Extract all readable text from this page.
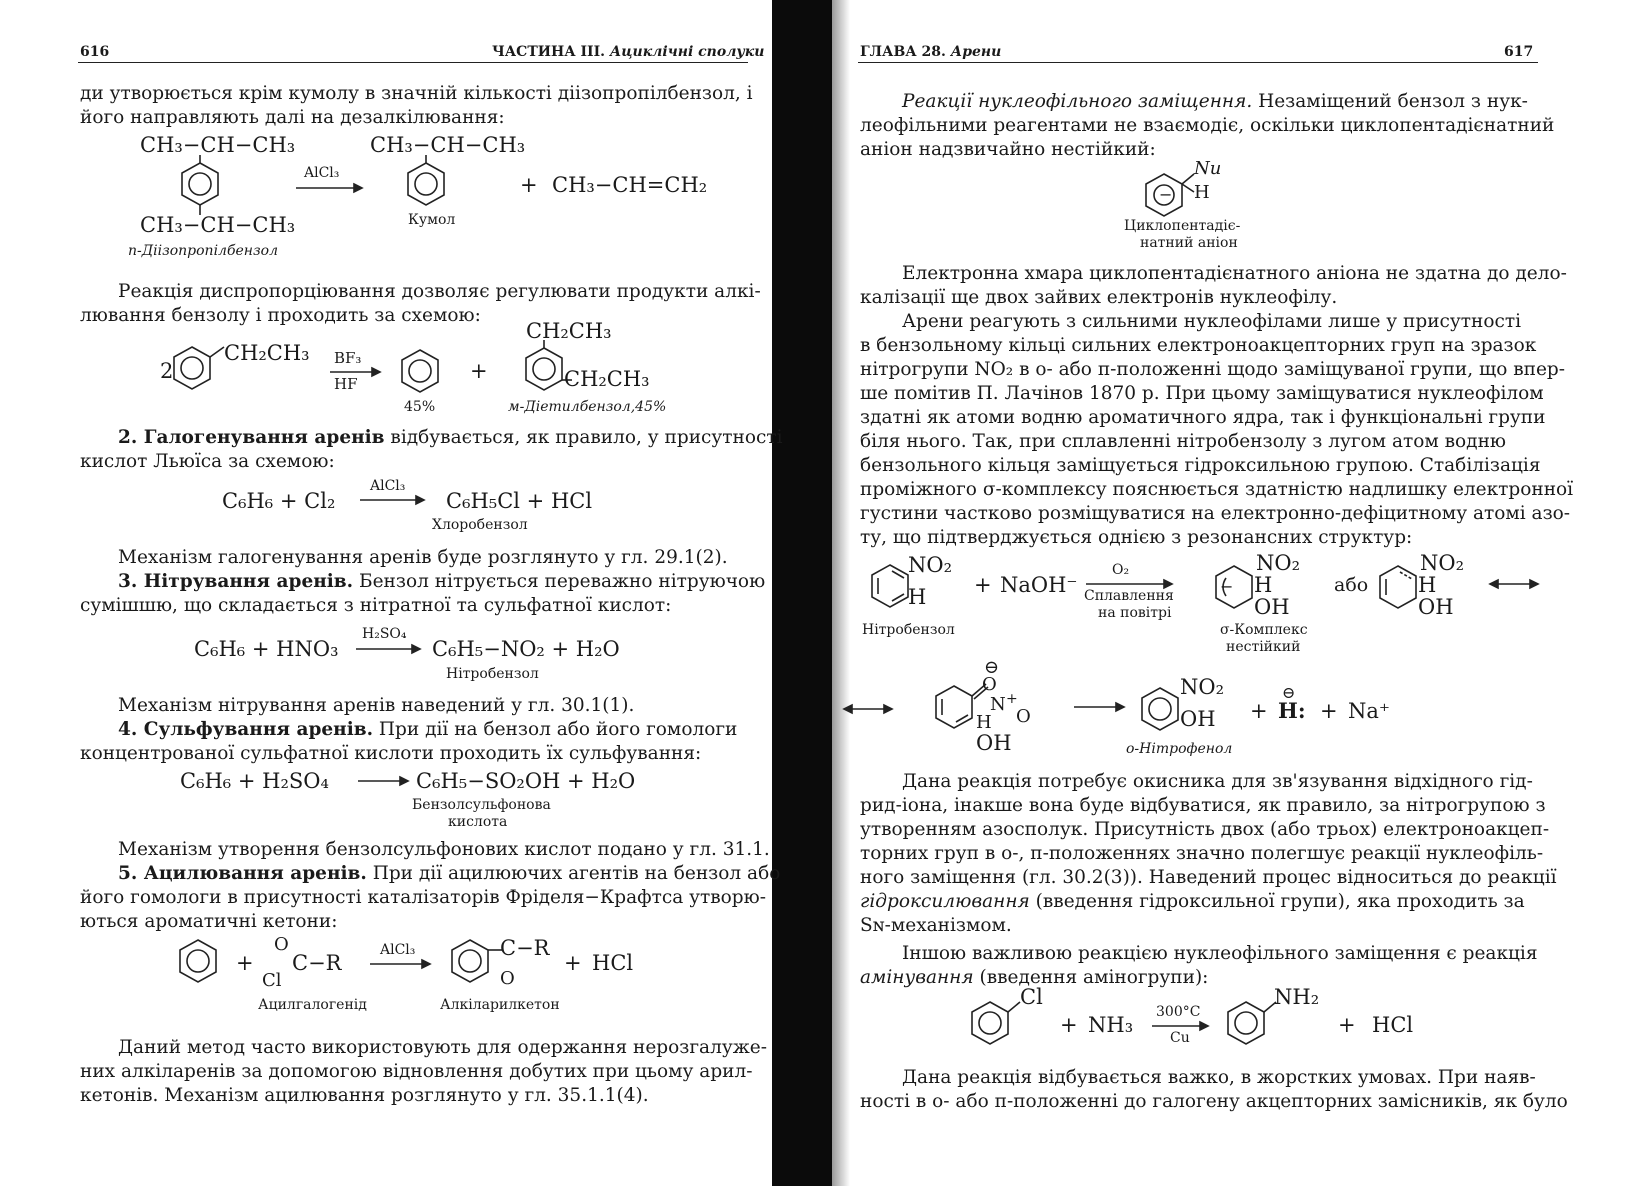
616	ЧАСТИНА III. Ациклічні сполуки
ди утворюється крім кумолу в значній кількості діізопропілбензол, і
його направляють далі на дезалкілювання:
CH₃−CH−CH₃
CH₃−CH−CH₃
п-Діізопропілбензол
AlCl₃
CH₃−CH−CH₃
Кумол
+ CH₃−CH=CH₂
Реакція диспропорціювання дозволяє регулювати продукти алкі-
лювання бензолу і проходить за схемою:
2
CH₂CH₃ BF₃
HF
45%
+
CH₂CH₃
CH₂CH₃
м-Діетилбензол,45%
2. Галогенування аренів відбувається, як правило, у присутності
кислот Льюїса за схемою:
C₆H₆ + Cl₂
AlCl₃
C₆H₅Cl + HCl
Хлоробензол
Механізм галогенування аренів буде розглянуто у гл. 29.1(2).
3. Нітрування аренів. Бензол нітрується переважно нітруючою
сумішшю, що складається з нітратної та сульфатної кислот:
C₆H₆ + HNO₃
H₂SO₄
C₆H₅−NO₂ + H₂O
Нітробензол
Механізм нітрування аренів наведений у гл. 30.1(1).
4. Сульфування аренів. При дії на бензол або його гомологи
концентрованої сульфатної кислоти проходить їх сульфування:
C₆H₆ + H₂SO₄	C₆H₅−SO₂OH + H₂O
Бензолсульфонова
кислота
Механізм утворення бензолсульфонових кислот подано у гл. 31.1.
5. Ацилювання аренів. При дії ацилюючих агентів на бензол або
його гомологи в присутності каталізаторів Фріделя−Крафтса утворю-
ються ароматичні кетони:
+
O
C−R
Cl
AlCl₃	C−R
O
+ HCl
Ацилгалогенід	Алкіларилкетон
Даний метод часто використовують для одержання нерозгалуже-
них алкіларенів за допомогою відновлення добутих при цьому арил-
кетонів. Механізм ацилювання розглянуто у гл. 35.1.1(4).
ГЛАВА 28. Арени	617
Реакції нуклеофільного заміщення. Незаміщений бензол з нук-
леофільними реагентами не взаємодіє, оскільки циклопентадієнатний
аніон надзвичайно нестійкий:
−
Nu
H
Циклопентадіє-
натний аніон
Електронна хмара циклопентадієнатного аніона не здатна до дело-
калізації ще двох зайвих електронів нуклеофілу.
Арени реагують з сильними нуклеофілами лише у присутності
в бензольному кільці сильних електроноакцепторних груп на зразок
нітрогрупи NO₂ в о- або п-положенні щодо заміщуваної групи, що впер-
ше помітив П. Лачінов 1870 р. При цьому заміщуватися нуклеофілом
здатні як атоми водню ароматичного ядра, так і функціональні групи
біля нього. Так, при сплавленні нітробензолу з лугом атом водню
бензольного кільця заміщується гідроксильною групою. Стабілізація
проміжного σ-комплексу пояснюється здатністю надлишку електронної
густини частково розміщуватися на електронно-дефіцитному атомі азо-
ту, що підтверджується однією з резонансних структур:
NO₂
H
Нітробензол
+ NaOH⁻
O₂
Сплавлення
на повітрі
−
NO₂
H
OH
σ-Комплекс
нестійкий
або
NO₂
H
OH
⊖
O
N +
O
H
OH
NO₂
OH
о-Нітрофенол
+
⊖
H: + Na⁺
Дана реакція потребує окисника для зв'язування відхідного гід-
рид-іона, інакше вона буде відбуватися, як правило, за нітрогрупою з
утворенням азосполук. Присутність двох (або трьох) електроноакцеп-
торних груп в о-, п-положеннях значно полегшує реакції нуклеофіль-
ного заміщення (гл. 30.2(3)). Наведений процес відноситься до реакції
гідроксилювання (введення гідроксильної групи), яка проходить за
Sɴ-механізмом.
Іншою важливою реакцією нуклеофільного заміщення є реакція
амінування (введення аміногрупи):
Cl
+ NH₃
300°C
Cu
NH₂
+ HCl
Дана реакція відбувається важко, в жорстких умовах. При наяв-
ності в о- або п-положенні до галогену акцепторних замісників, як було
